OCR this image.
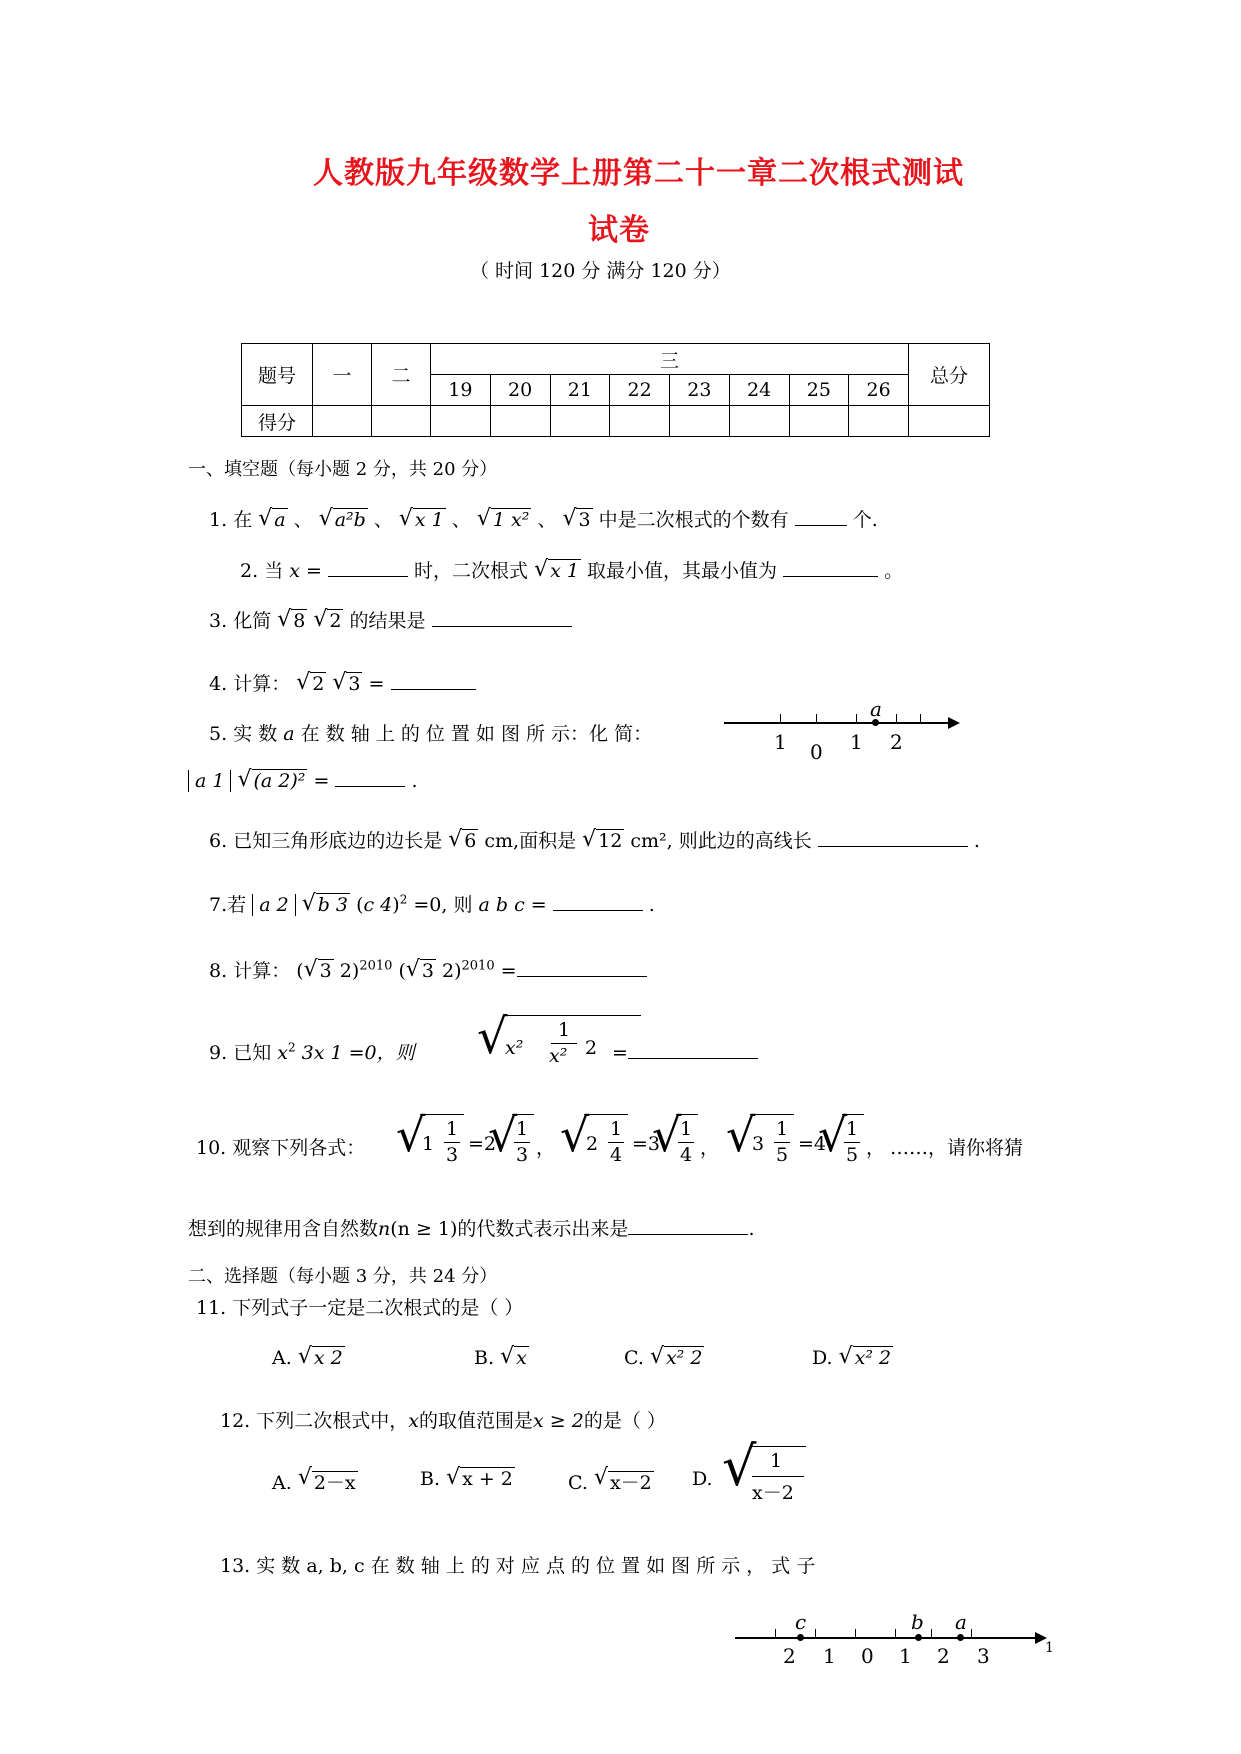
人教版九年级数学上册第二十一章二次根式测试
试卷
（ 时间 120 分 满分 120 分）
题号	一	二	三								总分
			19	20	21	22	23	24	25	26	
得分											
一、填空题（每小题 2 分，共 20 分）
1. 在 √ a 、 √ a²b 、 √ x 1 、 √ 1 x² 、 √ 3 中是二次根式的个数有	个.
2. 当 x =	时，二次根式 √ x 1 取最小值，其最小值为	。
3. 化简 √ 8 √ 2 的结果是
4. 计算： √ 2 √ 3 =
5. 实 数 a 在 数 轴 上 的 位 置 如 图 所 示：化 简：
a
1 0 1 2
a 1 √ (a 2)² =	.
6. 已知三角形底边的边长是 √ 6 cm,面积是 √ 12 cm², 则此边的高线长	.
7.若 a 2 √ b 3 (c 4)$^2$ =0, 则 a b c =	.
8. 计算： ( √ 3 2)$^{2010}$ ( √ 3 2)$^{2010}$ =
9. 已知 $x^2$ 3x 1 =0，则 √
x²
1
x² 2 =
10. 观察下列各式： √
1
1
3 =2
√
1
3 ， √
2
1
4 =3
√
1
4 ， √
3
1
5 =4
√
1
5 ， ……，请你将猜
想到的规律用含自然数n(n ≥ 1)的代数式表示出来是	.
二、选择题（每小题 3 分，共 24 分）
11. 下列式子一定是二次根式的是（ ）
A. √ x 2	B. √ x	C. √ x² 2	D. √ x² 2
12. 下列二次根式中，x的取值范围是x ≥ 2的是（ ）
A. √ 2－x	B. √ x + 2	C. √ x－2 D. √ 1
x－2
13. 实 数 a, b, c 在 数 轴 上 的 对 应 点 的 位 置 如 图 所 示 ， 式 子
c	b a
2 1 0 1 2 3	1
